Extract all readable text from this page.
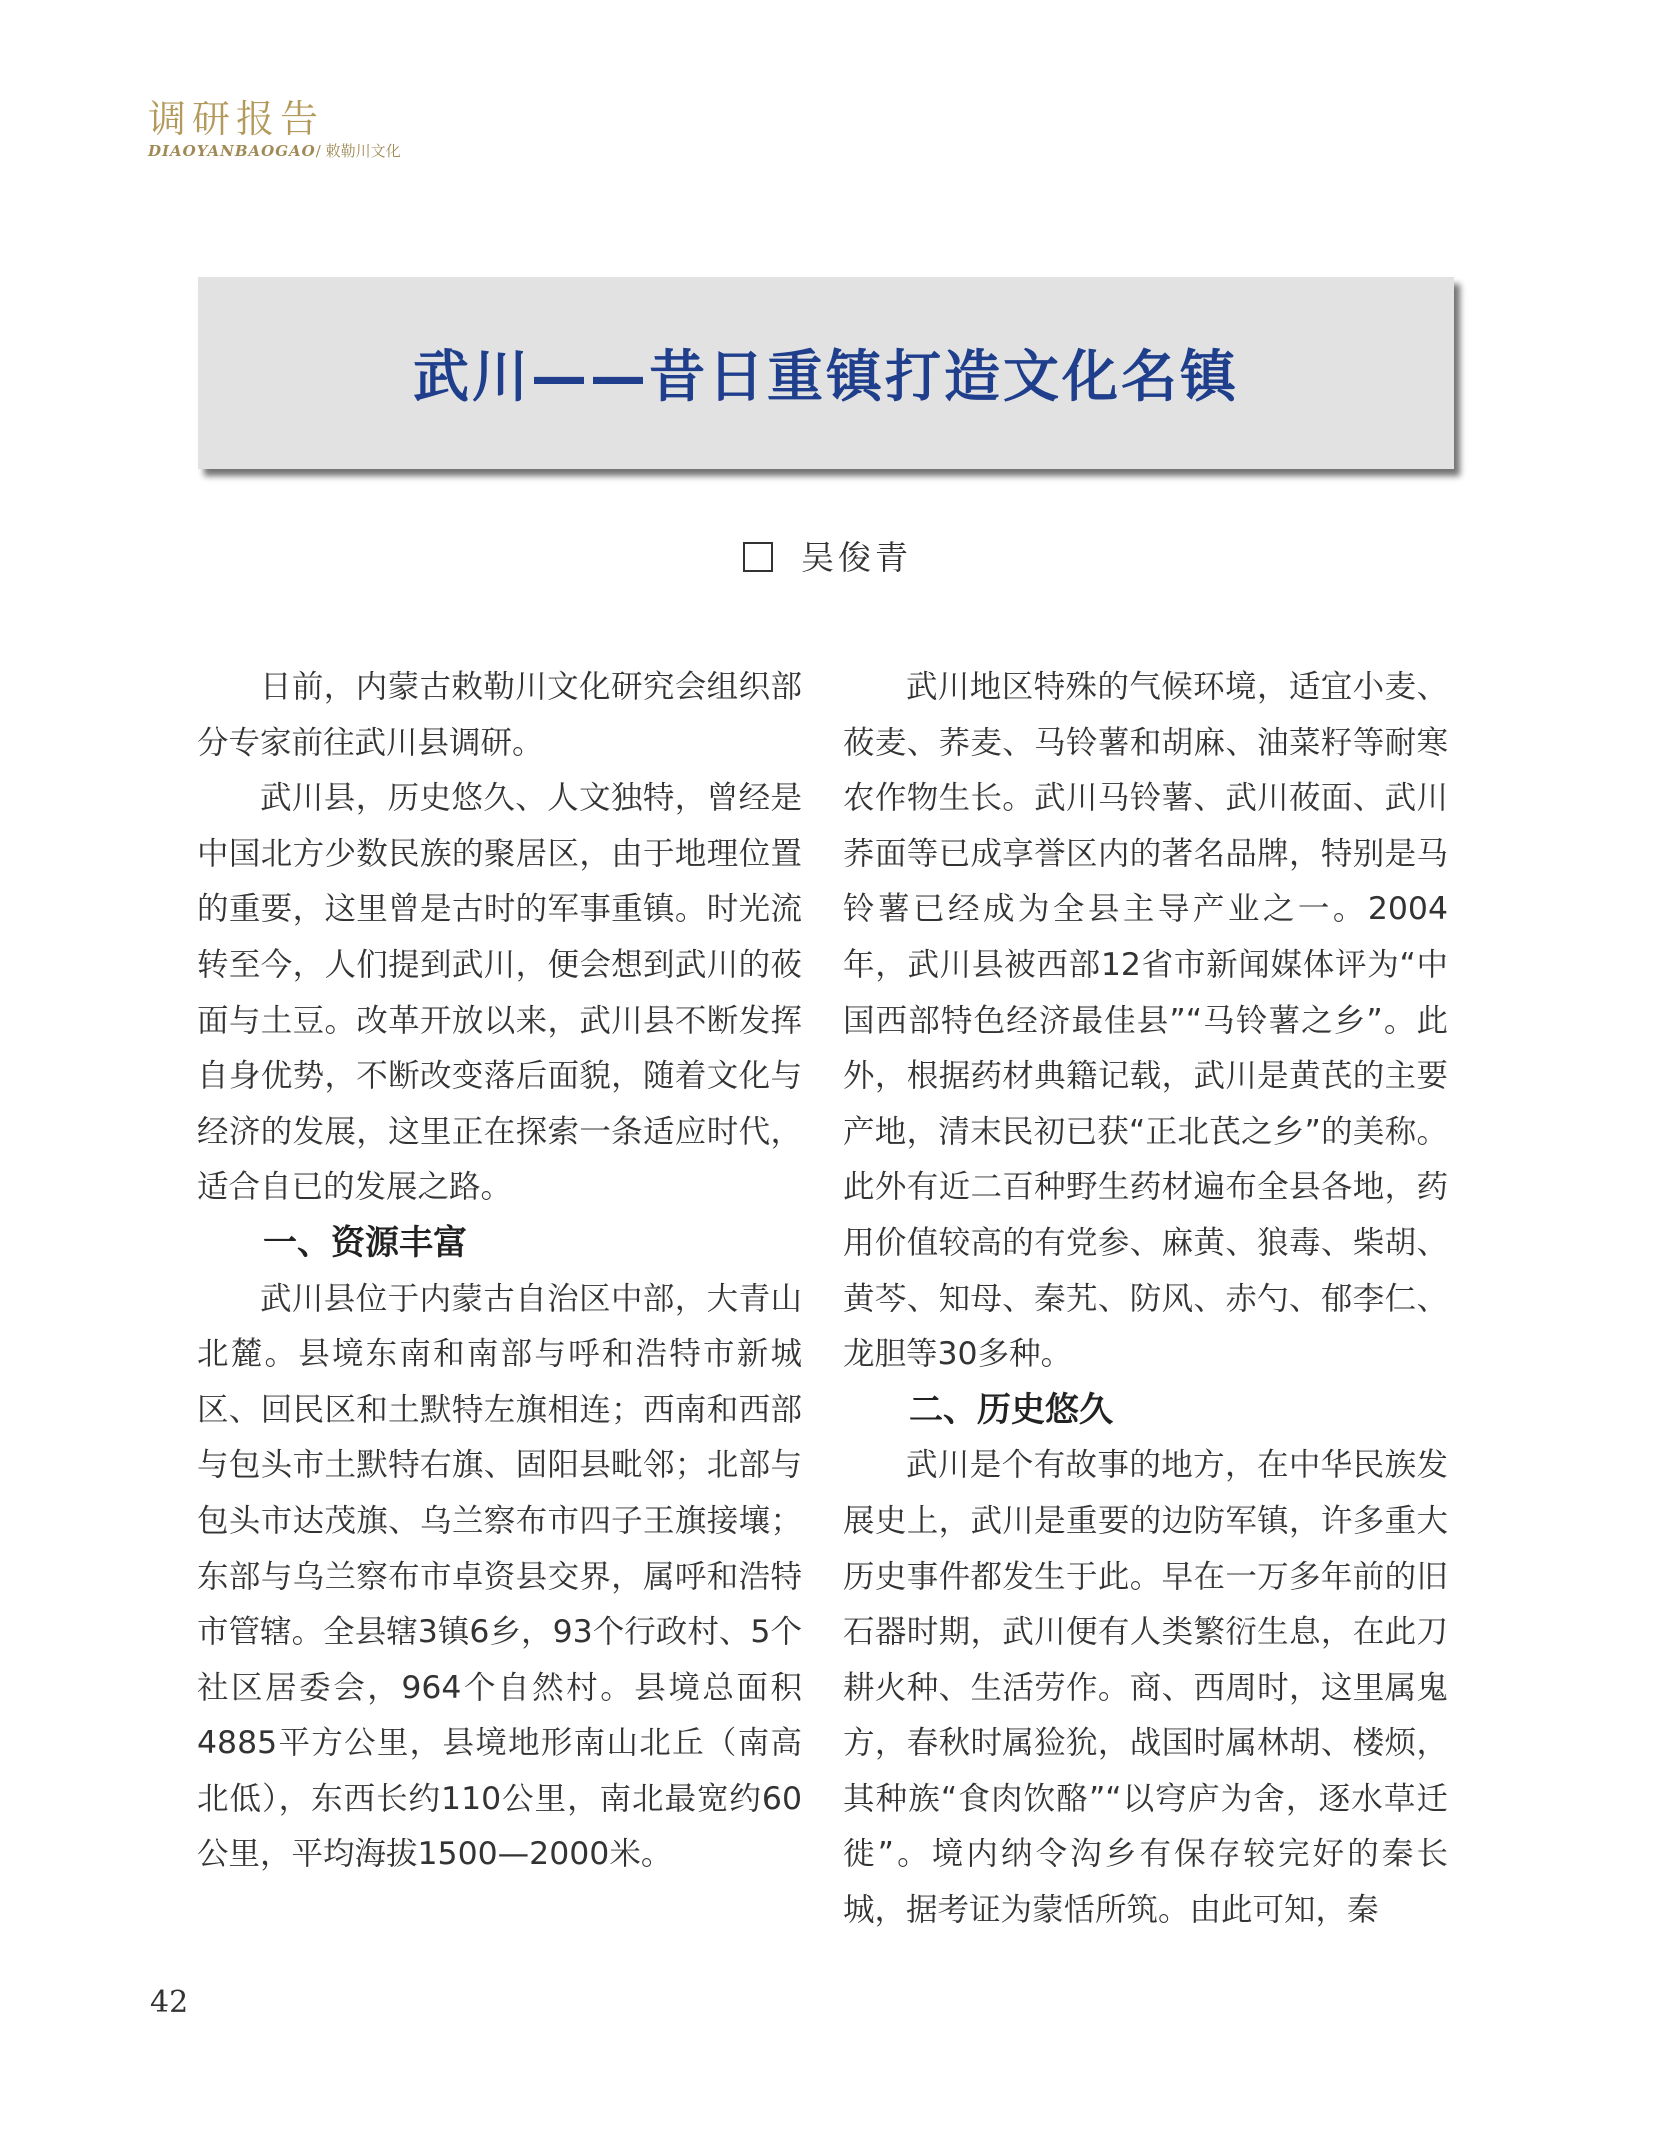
调研报告
DIAOYANBAOGAO/ 敕勒川文化
武川——昔日重镇打造文化名镇
吴俊青

日前，内蒙古敕勒川文化研究会组织部分专家前往武川县调研。

武川县，历史悠久、人文独特，曾经是中国北方少数民族的聚居区，由于地理位置的重要，这里曾是古时的军事重镇。时光流转至今，人们提到武川，便会想到武川的莜面与土豆。改革开放以来，武川县不断发挥自身优势，不断改变落后面貌，随着文化与经济的发展，这里正在探索一条适应时代，适合自已的发展之路。

一、资源丰富

武川县位于内蒙古自治区中部，大青山北麓。县境东南和南部与呼和浩特市新城区、回民区和土默特左旗相连；西南和西部与包头市土默特右旗、固阳县毗邻；北部与包头市达茂旗、乌兰察布市四子王旗接壤；东部与乌兰察布市卓资县交界，属呼和浩特市管辖。全县辖3镇6乡，93个行政村、5个社区居委会，964个自然村。县境总面积4885平方公里，县境地形南山北丘（南高北低），东西长约110公里，南北最宽约60公里，平均海拔1500—2000米。

武川地区特殊的气候环境，适宜小麦、莜麦、荞麦、马铃薯和胡麻、油菜籽等耐寒农作物生长。武川马铃薯、武川莜面、武川荞面等已成享誉区内的著名品牌，特别是马铃薯已经成为全县主导产业之一。2004年，武川县被西部12省市新闻媒体评为“中国西部特色经济最佳县”“马铃薯之乡”。此外，根据药材典籍记载，武川是黄芪的主要产地，清末民初已获“正北芪之乡”的美称。此外有近二百种野生药材遍布全县各地，药用价值较高的有党参、麻黄、狼毒、柴胡、黄芩、知母、秦艽、防风、赤勺、郁李仁、龙胆等30多种。

二、历史悠久

武川是个有故事的地方，在中华民族发展史上，武川是重要的边防军镇，许多重大历史事件都发生于此。早在一万多年前的旧石器时期，武川便有人类繁衍生息，在此刀耕火种、生活劳作。商、西周时，这里属鬼方，春秋时属猃狁，战国时属林胡、楼烦，其种族“食肉饮酪”“以穹庐为舍，逐水草迁徙”。境内纳令沟乡有保存较完好的秦长城，据考证为蒙恬所筑。由此可知，秦

42
